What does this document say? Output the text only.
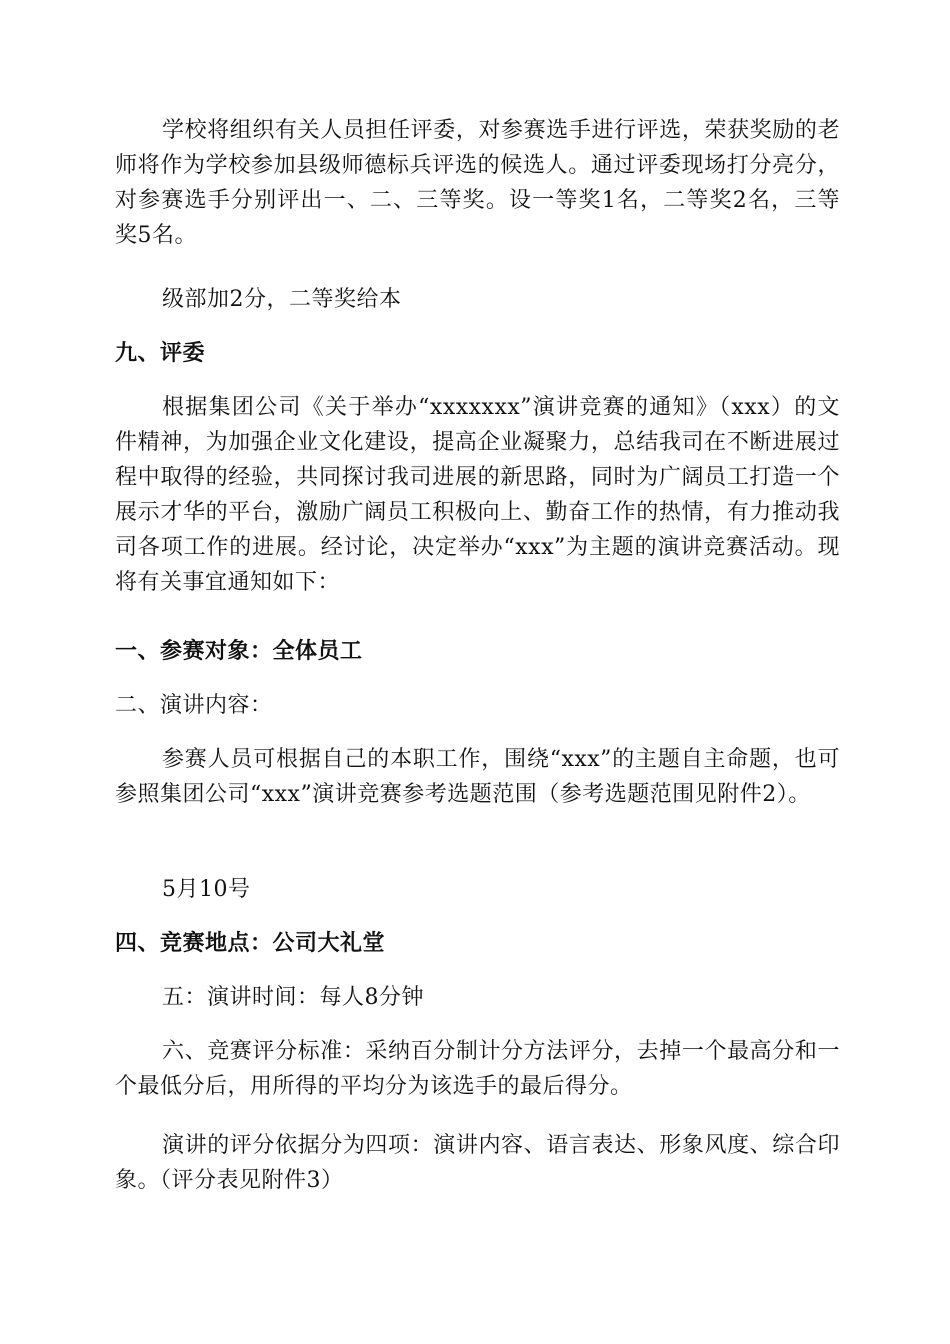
学校将组织有关人员担任评委，对参赛选手进行评选，荣获奖励的老师将作为学校参加县级师德标兵评选的候选人。通过评委现场打分亮分，对参赛选手分别评出一、二、三等奖。设一等奖1名，二等奖2名，三等奖5名。

级部加2分，二等奖给本

九、评委

根据集团公司《关于举办“xxxxxxx”演讲竞赛的通知》（xxx）的文件精神，为加强企业文化建设，提高企业凝聚力，总结我司在不断进展过程中取得的经验，共同探讨我司进展的新思路，同时为广阔员工打造一个展示才华的平台，激励广阔员工积极向上、勤奋工作的热情，有力推动我司各项工作的进展。经讨论，决定举办“xxx”为主题的演讲竞赛活动。现将有关事宜通知如下：

一、参赛对象：全体员工

二、演讲内容：

参赛人员可根据自己的本职工作，围绕“xxx”的主题自主命题，也可参照集团公司“xxx”演讲竞赛参考选题范围（参考选题范围见附件2）。

5月10号

四、竞赛地点：公司大礼堂

五：演讲时间：每人8分钟

六、竞赛评分标准：采纳百分制计分方法评分，去掉一个最高分和一个最低分后，用所得的平均分为该选手的最后得分。

演讲的评分依据分为四项：演讲内容、语言表达、形象风度、综合印象。（评分表见附件3）
